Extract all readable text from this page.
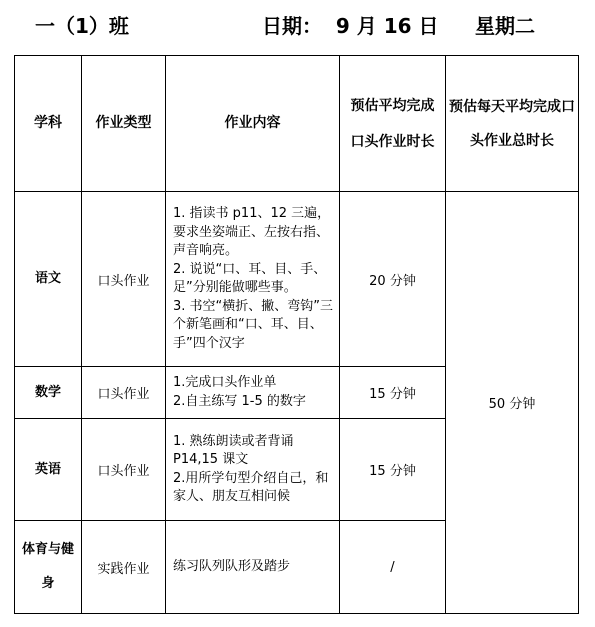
一（1）班	日期：  9 月 16 日 星期二
学科	作业类型	作业内容	预估平均完成口头作业时长	预估每天平均完成口头作业总时长

语文	口头作业	1. 指读书 p11、12 三遍，要求坐姿端正、左按右指、声音响亮。
2. 说说“口、耳、目、手、足”分别能做哪些事。
3. 书空“横折、撇、弯钩”三个新笔画和“口、耳、目、手”四个汉字	20 分钟	50 分钟
数学	口头作业	1.完成口头作业单
2.自主练写 1-5 的数字	15 分钟	
英语	口头作业	1. 熟练朗读或者背诵 P14,15 课文
2.用所学句型介绍自己，和家人、朋友互相问候	15 分钟	
体育与健身	实践作业	练习队列队形及踏步	/	
